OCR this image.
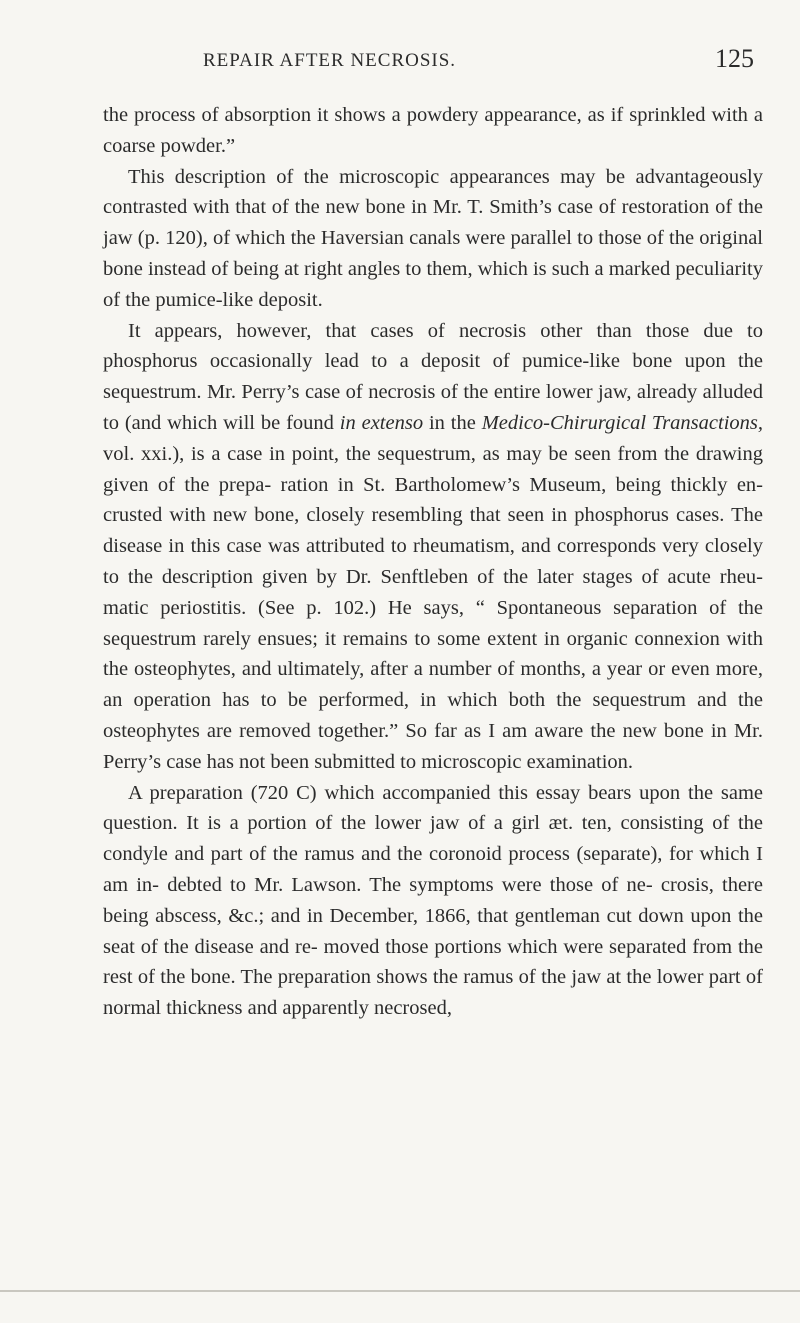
REPAIR AFTER NECROSIS.	125

the process of absorption it shows a powdery appearance, as if sprinkled with a coarse powder.”

This description of the microscopic appearances may be advantageously contrasted with that of the new bone in Mr. T. Smith’s case of restoration of the jaw (p. 120), of which the Haversian canals were parallel to those of the original bone instead of being at right angles to them, which is such a marked peculiarity of the pumice-like deposit.

It appears, however, that cases of necrosis other than those due to phosphorus occasionally lead to a deposit of pumice-like bone upon the sequestrum. Mr. Perry’s case of necrosis of the entire lower jaw, already alluded to (and which will be found in extenso in the Medico-Chirurgical Transactions, vol. xxi.), is a case in point, the sequestrum, as may be seen from the drawing given of the prepa- ration in St. Bartholomew’s Museum, being thickly en- crusted with new bone, closely resembling that seen in phosphorus cases. The disease in this case was attributed to rheumatism, and corresponds very closely to the description given by Dr. Senftleben of the later stages of acute rheu- matic periostitis. (See p. 102.) He says, “ Spontaneous separation of the sequestrum rarely ensues; it remains to some extent in organic connexion with the osteophytes, and ultimately, after a number of months, a year or even more, an operation has to be performed, in which both the sequestrum and the osteophytes are removed together.” So far as I am aware the new bone in Mr. Perry’s case has not been submitted to microscopic examination.

A preparation (720 C) which accompanied this essay bears upon the same question. It is a portion of the lower jaw of a girl æt. ten, consisting of the condyle and part of the ramus and the coronoid process (separate), for which I am in- debted to Mr. Lawson. The symptoms were those of ne- crosis, there being abscess, &c.; and in December, 1866, that gentleman cut down upon the seat of the disease and re- moved those portions which were separated from the rest of the bone. The preparation shows the ramus of the jaw at the lower part of normal thickness and apparently necrosed,
